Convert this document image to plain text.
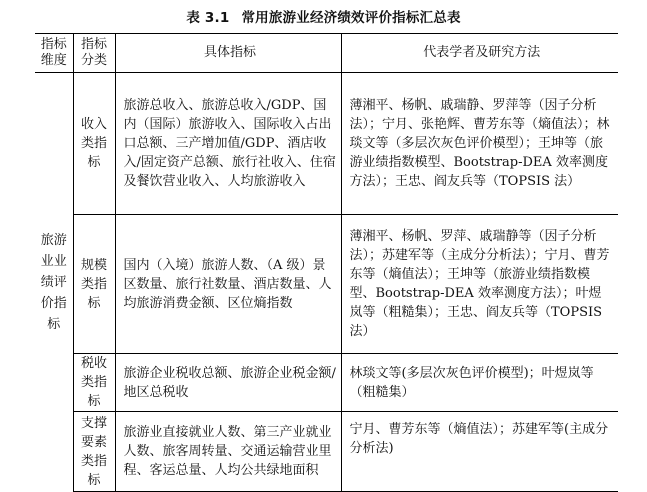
表 3.1 常用旅游业经济绩效评价指标汇总表
指标维度	指标分类	具体指标	代表学者及研究方法
旅游业业绩评价指标	收入类指标	旅游总收入、旅游总收入/GDP、国内（国际）旅游收入、国际收入占出口总额、三产增加值/GDP、酒店收入/固定资产总额、旅行社收入、住宿及餐饮营业收入、人均旅游收入	薄湘平、杨帆、戚瑞静、罗萍等（因子分析法）；宁月、张艳辉、曹芳东等（熵值法）；林琰文等（多层次灰色评价模型）；王坤等（旅游业绩指数模型、Bootstrap-DEA 效率测度方法）；王忠、阎友兵等（TOPSIS 法）
	规模类指标	国内（入境）旅游人数、（A 级）景区数量、旅行社数量、酒店数量、人均旅游消费金额、区位熵指数	薄湘平、杨帆、罗萍、戚瑞静等（因子分析法）；苏建军等（主成分分析法）；宁月、曹芳东等（熵值法）；王坤等（旅游业绩指数模型、Bootstrap-DEA 效率测度方法）；叶煜岚等（粗糙集）；王忠、阎友兵等（TOPSIS 法）
	税收类指标	旅游企业税收总额、旅游企业税金额/地区总税收	林琰文等(多层次灰色评价模型)；叶煜岚等（粗糙集）
	支撑要素类指标	旅游业直接就业人数、第三产业就业人数、旅客周转量、交通运输营业里程、客运总量、人均公共绿地面积	宁月、曹芳东等（熵值法）；苏建军等(主成分分析法)
